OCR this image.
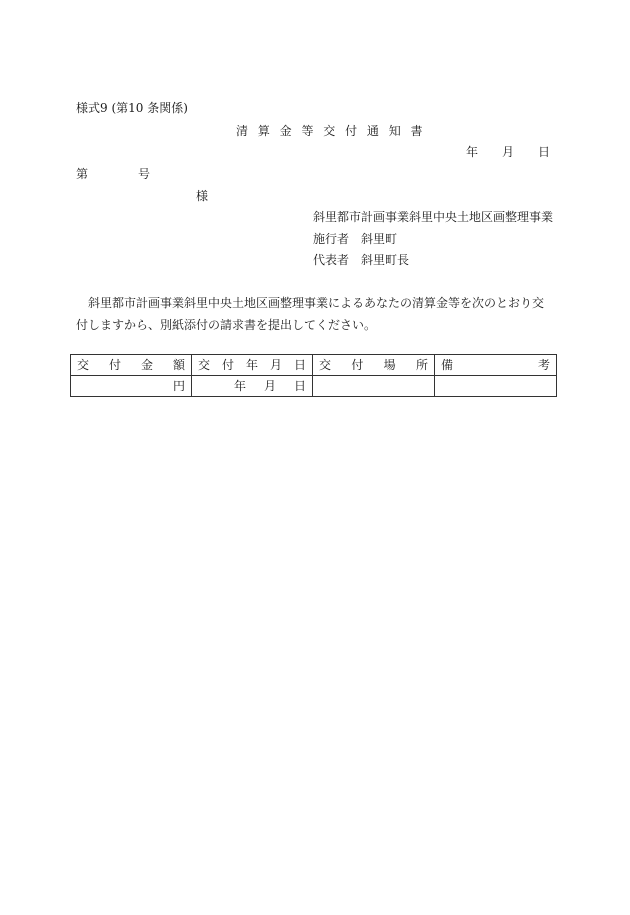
様式9 (第10 条関係)
清 算 金 等 交 付 通 知 書
年 月 日
第	号
様
斜里都市計画事業斜里中央土地区画整理事業
施行者　斜里町
代表者　斜里町長
斜里都市計画事業斜里中央土地区画整理事業によるあなたの清算金等を次のとおり交付しますから、別紙添付の請求書を提出してください。
交 付 金 額	交 付 年 月 日	交 付 場 所	備 考

円	年 月 日		
